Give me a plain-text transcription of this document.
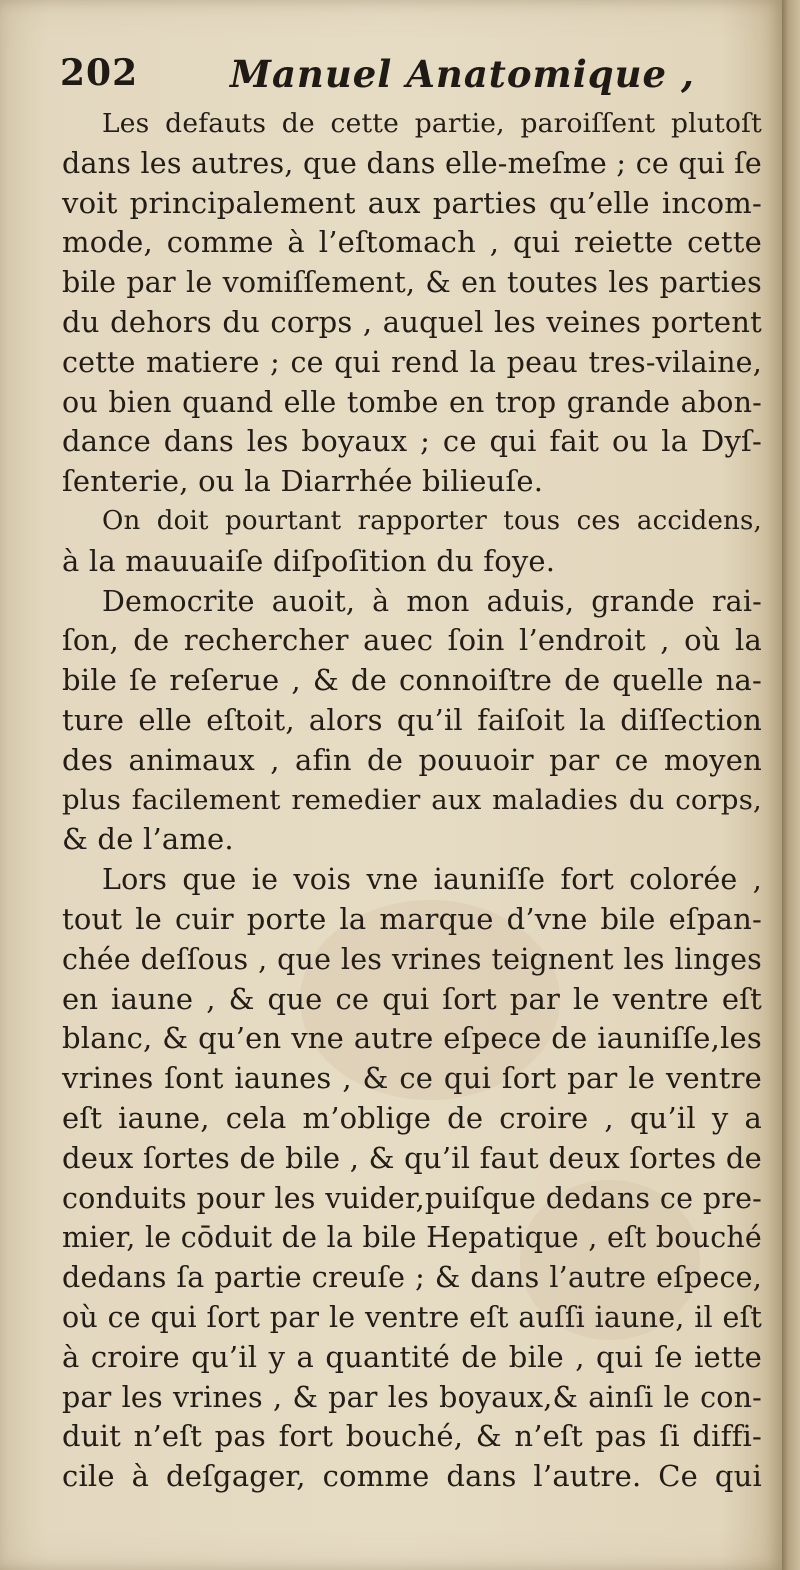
202 Manuel Anatomique ,
Les defauts de cette partie, paroiſſent plutoſt
dans les autres, que dans elle-meſme ; ce qui ſe
voit principalement aux parties qu’elle incom-
mode, comme à l’eſtomach , qui reiette cette
bile par le vomiſſement, & en toutes les parties
du dehors du corps , auquel les veines portent
cette matiere ; ce qui rend la peau tres-vilaine,
ou bien quand elle tombe en trop grande abon-
dance dans les boyaux ; ce qui fait ou la Dyſ-
ſenterie, ou la Diarrhée bilieuſe.
On doit pourtant rapporter tous ces accidens,
à la mauuaiſe diſpoſition du foye.
Democrite auoit, à mon aduis, grande rai-
ſon, de rechercher auec ſoin l’endroit , où la
bile ſe reſerue , & de connoiſtre de quelle na-
ture elle eſtoit, alors qu’il faiſoit la diſſection
des animaux , afin de pouuoir par ce moyen
plus facilement remedier aux maladies du corps,
& de l’ame.
Lors que ie vois vne iauniſſe fort colorée ,
tout le cuir porte la marque d’vne bile eſpan-
chée deſſous , que les vrines teignent les linges
en iaune , & que ce qui ſort par le ventre eſt
blanc, & qu’en vne autre eſpece de iauniſſe,les
vrines ſont iaunes , & ce qui ſort par le ventre
eſt iaune, cela m’oblige de croire , qu’il y a
deux ſortes de bile , & qu’il faut deux ſortes de
conduits pour les vuider,puiſque dedans ce pre-
mier, le cōduit de la bile Hepatique , eſt bouché
dedans ſa partie creuſe ; & dans l’autre eſpece,
où ce qui ſort par le ventre eſt auſſi iaune, il eſt
à croire qu’il y a quantité de bile , qui ſe iette
par les vrines , & par les boyaux,& ainſi le con-
duit n’eſt pas fort bouché, & n’eſt pas ſi diffi-
cile à deſgager, comme dans l’autre. Ce qui
